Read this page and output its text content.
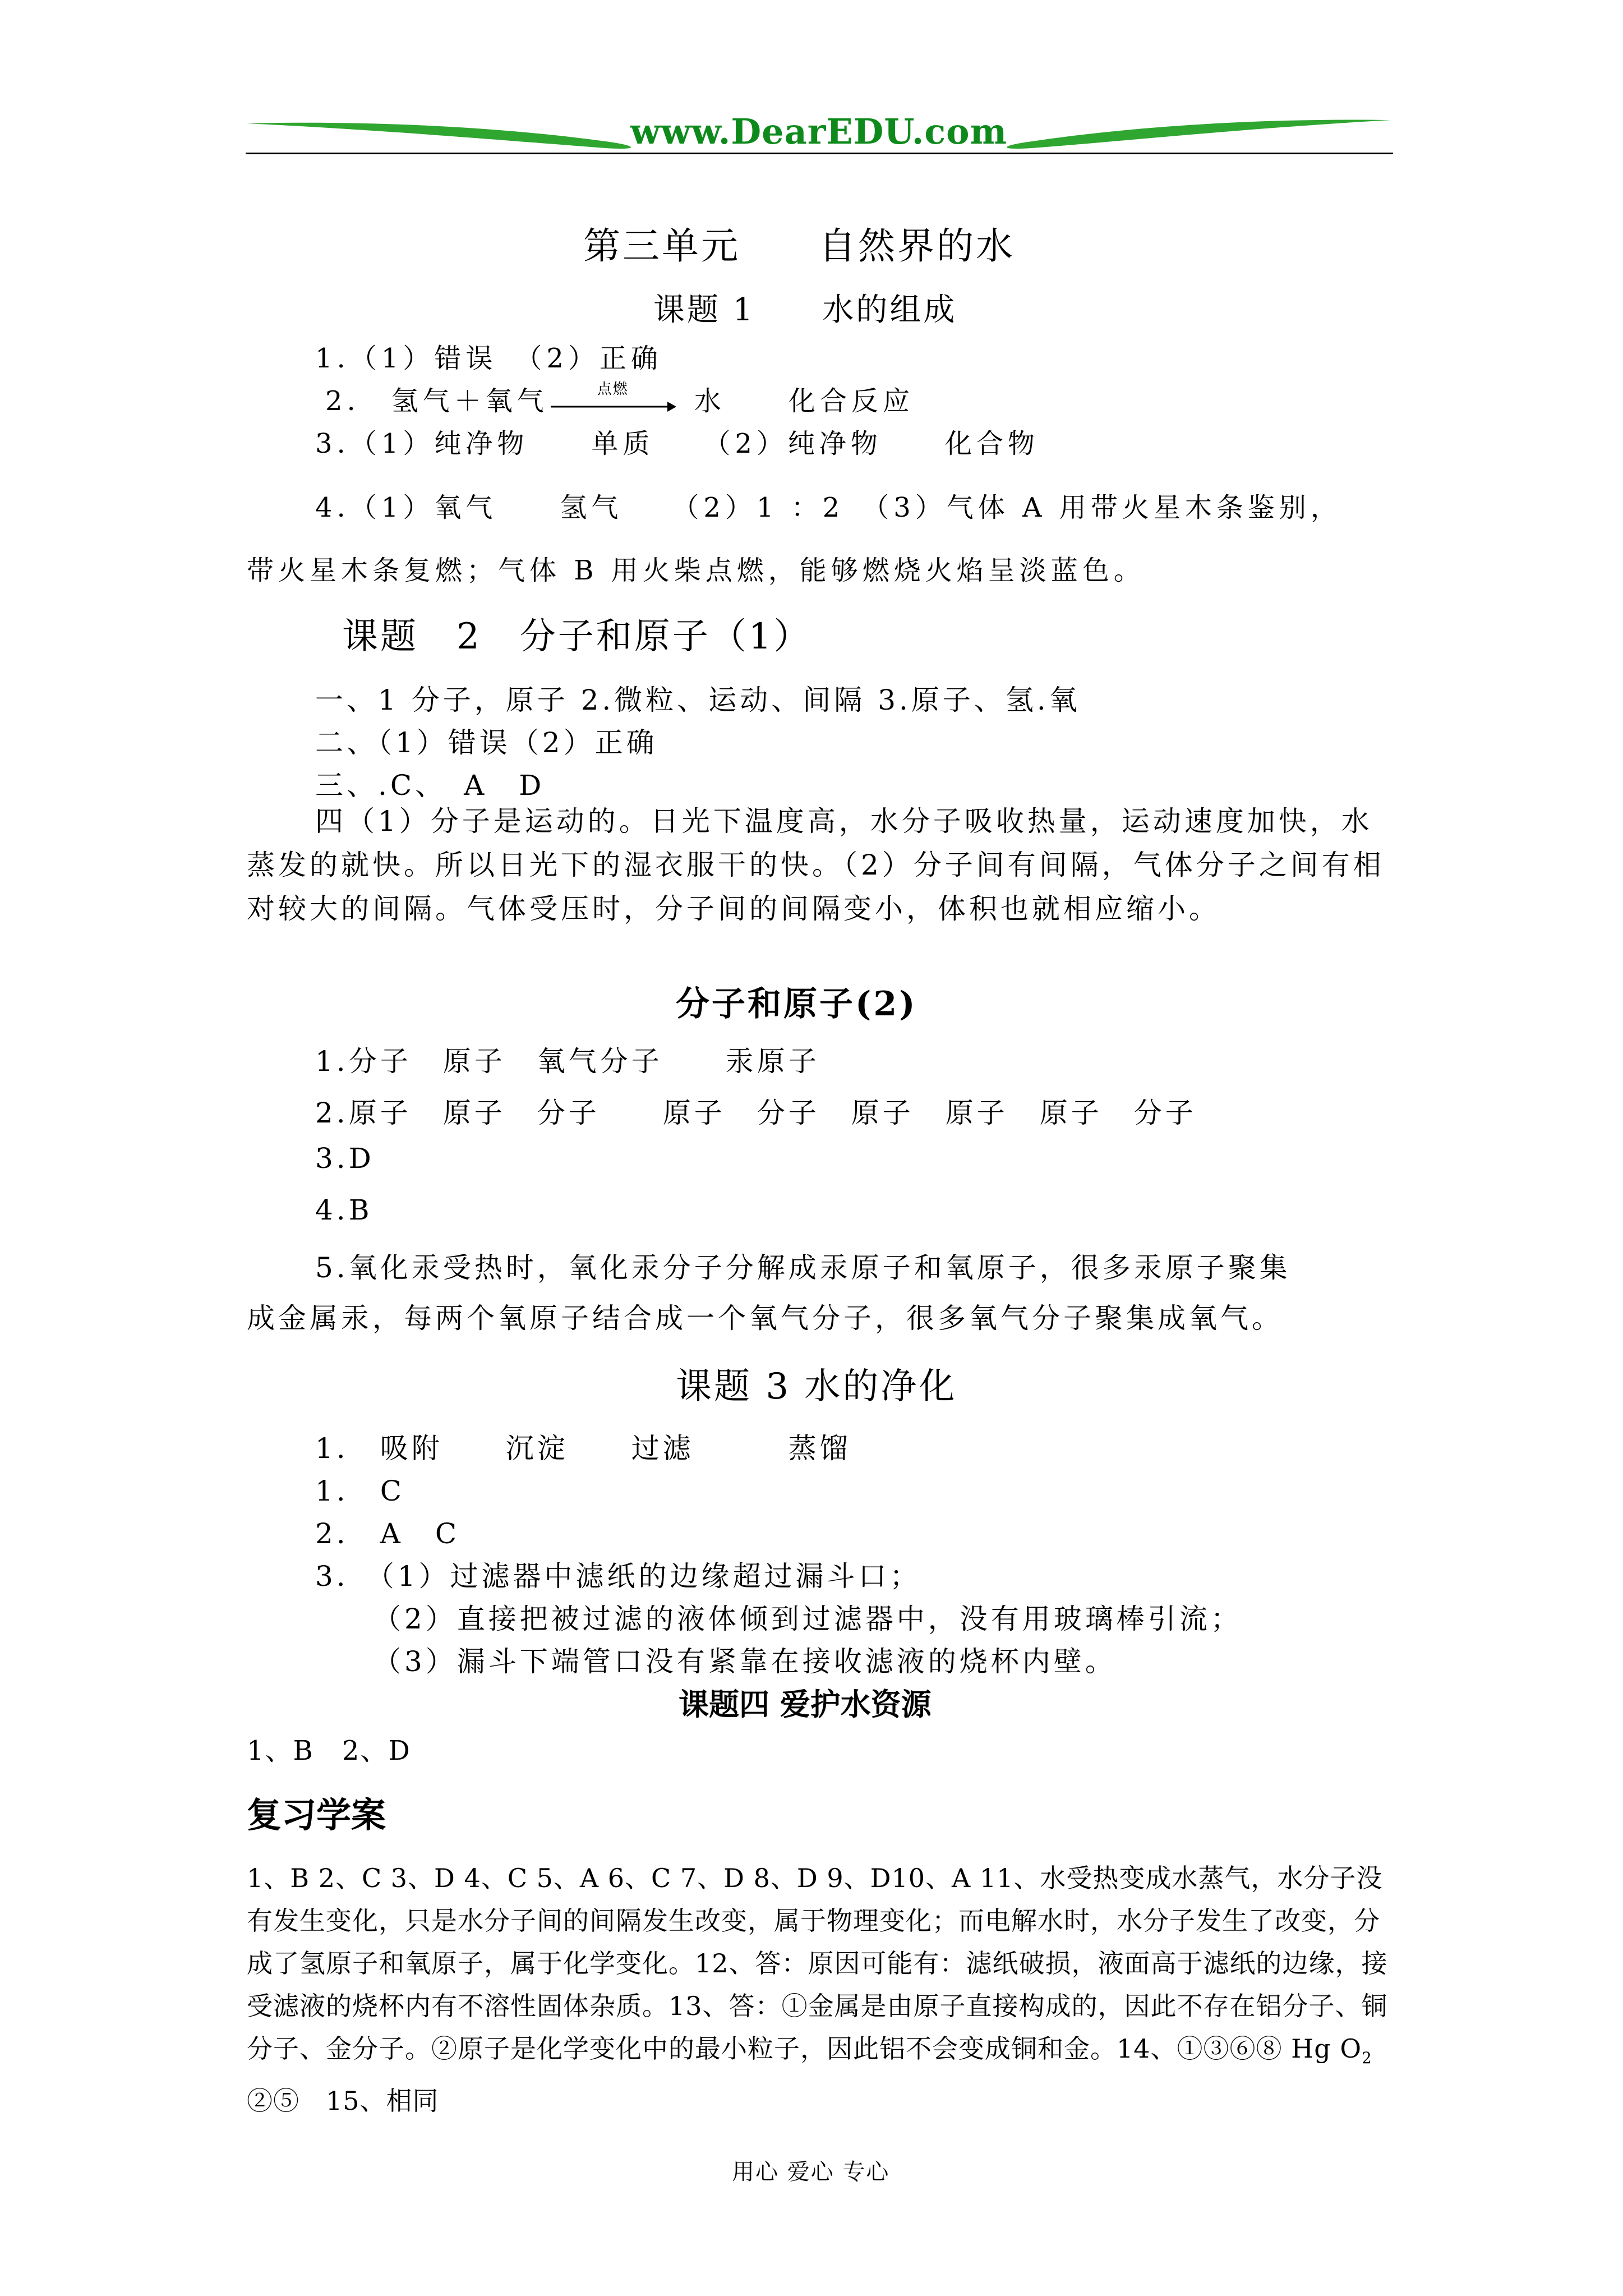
www.DearEDU.com
第三单元　　自然界的水
课题 1　　水的组成
1.（1）错误　（2）正确
2.　氢气＋氧气	点燃	水　　化合反应
3.（1）纯净物　　单质　　（2）纯净物　　化合物
4.（1）氧气　　氢气　　（2）1 ：2　（3）气体 A 用带火星木条鉴别，
带火星木条复燃；气体 B 用火柴点燃，能够燃烧火焰呈淡蓝色。
课题　2　分子和原子（1）
一、1 分子，原子 2.微粒、运动、间隔 3.原子、氢.氧
二、（1）错误（2）正确
三、.C、　A　D
四（1）分子是运动的。日光下温度高，水分子吸收热量，运动速度加快，水蒸发的就快。所以日光下的湿衣服干的快。（2）分子间有间隔，气体分子之间有相对较大的间隔。气体受压时，分子间的间隔变小，体积也就相应缩小。
分子和原子(2)
1.分子　原子　氧气分子　　汞原子
2.原子　原子　分子　　原子　分子　原子　原子　原子　分子
3.D
4.B
5.氧化汞受热时，氧化汞分子分解成汞原子和氧原子，很多汞原子聚集
成金属汞，每两个氧原子结合成一个氧气分子，很多氧气分子聚集成氧气。
课题 3 水的净化
1.　吸附　　沉淀　　过滤　　　蒸馏
1.　C
2.　A　C
3.　（1）过滤器中滤纸的边缘超过漏斗口；
（2）直接把被过滤的液体倾到过滤器中，没有用玻璃棒引流；
（3）漏斗下端管口没有紧靠在接收滤液的烧杯内壁。
课题四 爱护水资源
1、B　2、D
复习学案
1、B 2、C 3、D 4、C 5、A 6、C 7、D 8、D 9、D10、A 11、水受热变成水蒸气，水分子没有发生变化，只是水分子间的间隔发生改变，属于物理变化；而电解水时，水分子发生了改变，分成了氢原子和氧原子，属于化学变化。12、答：原因可能有：滤纸破损，液面高于滤纸的边缘，接受滤液的烧杯内有不溶性固体杂质。13、答：①金属是由原子直接构成的，因此不存在铝分子、铜分子、金分子。②原子是化学变化中的最小粒子，因此铝不会变成铜和金。14、①③⑥⑧ Hg $O_2$　②⑤　15、相同
用心 爱心 专心
